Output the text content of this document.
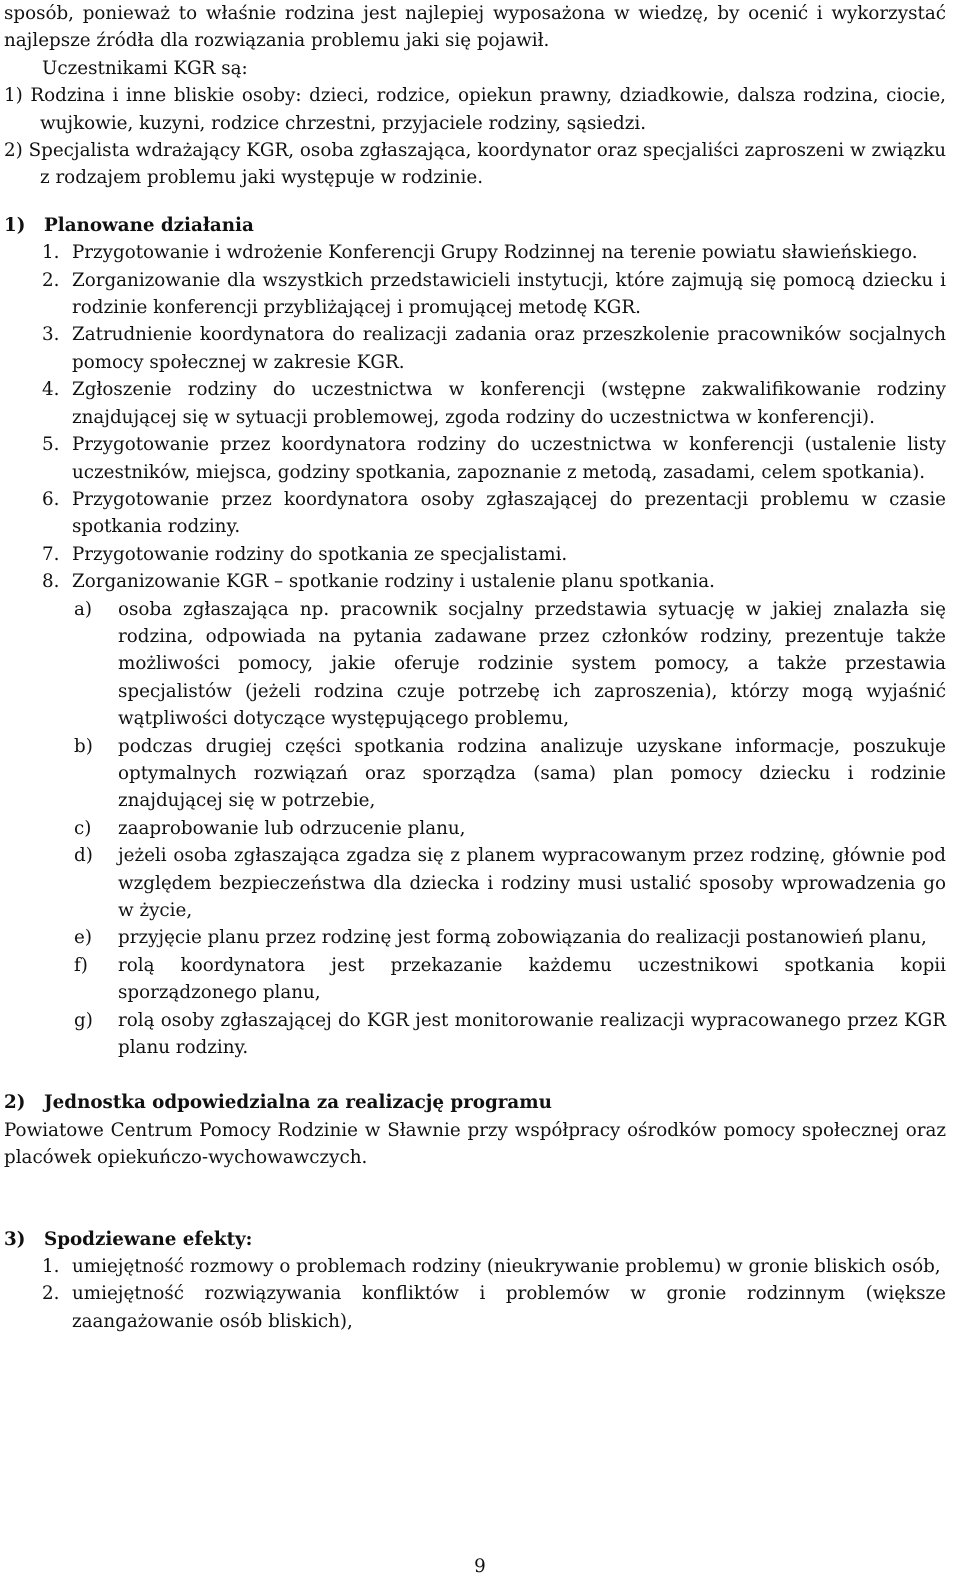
sposób, ponieważ to właśnie rodzina jest najlepiej wyposażona w wiedzę, by ocenić i wykorzystać najlepsze źródła dla rozwiązania problemu jaki się pojawił.

Uczestnikami KGR są:

1) Rodzina i inne bliskie osoby: dzieci, rodzice, opiekun prawny, dziadkowie, dalsza rodzina, ciocie, wujkowie, kuzyni, rodzice chrzestni, przyjaciele rodziny, sąsiedzi.
2) Specjalista wdrażający KGR, osoba zgłaszająca, koordynator oraz specjaliści zaproszeni w związku z rodzajem problemu jaki występuje w rodzinie.
1) Planowane działania
1. Przygotowanie i wdrożenie Konferencji Grupy Rodzinnej na terenie powiatu sławieńskiego.
2. Zorganizowanie dla wszystkich przedstawicieli instytucji, które zajmują się pomocą dziecku i rodzinie konferencji przybliżającej i promującej metodę KGR.
3. Zatrudnienie koordynatora do realizacji zadania oraz przeszkolenie pracowników socjalnych pomocy społecznej w zakresie KGR.
4. Zgłoszenie rodziny do uczestnictwa w konferencji (wstępne zakwalifikowanie rodziny znajdującej się w sytuacji problemowej, zgoda rodziny do uczestnictwa w konferencji).
5. Przygotowanie przez koordynatora rodziny do uczestnictwa w konferencji (ustalenie listy uczestników, miejsca, godziny spotkania, zapoznanie z metodą, zasadami, celem spotkania).
6. Przygotowanie przez koordynatora osoby zgłaszającej do prezentacji problemu w czasie spotkania rodziny.
7. Przygotowanie rodziny do spotkania ze specjalistami.
8. Zorganizowanie KGR – spotkanie rodziny i ustalenie planu spotkania.
a) osoba zgłaszająca np. pracownik socjalny przedstawia sytuację w jakiej znalazła się rodzina, odpowiada na pytania zadawane przez członków rodziny, prezentuje także możliwości pomocy, jakie oferuje rodzinie system pomocy, a także przestawia specjalistów (jeżeli rodzina czuje potrzebę ich zaproszenia), którzy mogą wyjaśnić wątpliwości dotyczące występującego problemu,
b) podczas drugiej części spotkania rodzina analizuje uzyskane informacje, poszukuje optymalnych rozwiązań oraz sporządza (sama) plan pomocy dziecku i rodzinie znajdującej się w potrzebie,
c) zaaprobowanie lub odrzucenie planu,
d) jeżeli osoba zgłaszająca zgadza się z planem wypracowanym przez rodzinę, głównie pod względem bezpieczeństwa dla dziecka i rodziny musi ustalić sposoby wprowadzenia go w życie,
e) przyjęcie planu przez rodzinę jest formą zobowiązania do realizacji postanowień planu,
f) rolą koordynatora jest przekazanie każdemu uczestnikowi spotkania kopii sporządzonego planu,
g) rolą osoby zgłaszającej do KGR jest monitorowanie realizacji wypracowanego przez KGR planu rodziny.
2) Jednostka odpowiedzialna za realizację programu

Powiatowe Centrum Pomocy Rodzinie w Sławnie przy współpracy ośrodków pomocy społecznej oraz placówek opiekuńczo-wychowawczych.

3) Spodziewane efekty:
1. umiejętność rozmowy o problemach rodziny (nieukrywanie problemu) w gronie bliskich osób,
2. umiejętność rozwiązywania konfliktów i problemów w gronie rodzinnym (większe zaangażowanie osób bliskich),
9
